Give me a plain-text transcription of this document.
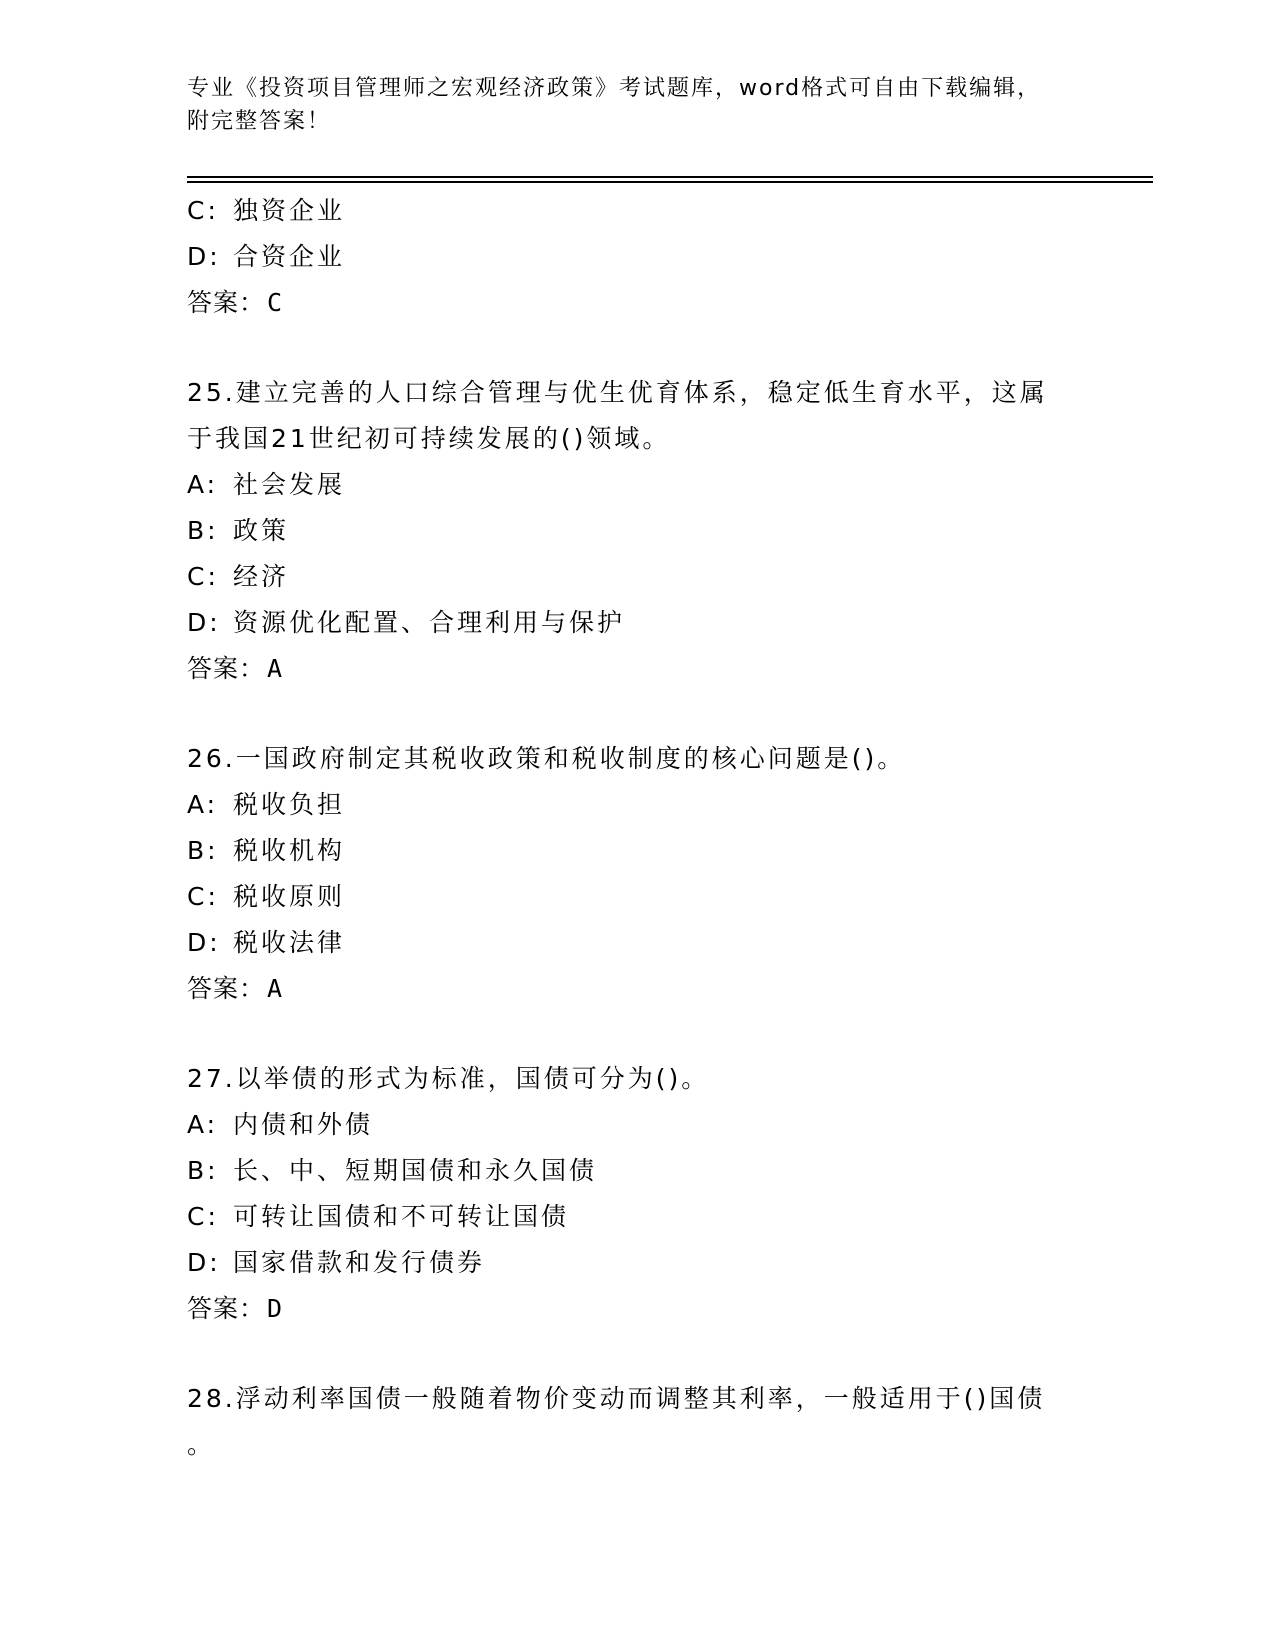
专业《投资项目管理师之宏观经济政策》考试题库，word格式可自由下载编辑，
附完整答案！
C: 独资企业
D: 合资企业
答案：C
25.建立完善的人口综合管理与优生优育体系，稳定低生育水平，这属
于我国21世纪初可持续发展的()领域。
A: 社会发展
B: 政策
C: 经济
D: 资源优化配置、合理利用与保护
答案：A
26.一国政府制定其税收政策和税收制度的核心问题是()。
A: 税收负担
B: 税收机构
C: 税收原则
D: 税收法律
答案：A
27.以举债的形式为标准，国债可分为()。
A: 内债和外债
B: 长、中、短期国债和永久国债
C: 可转让国债和不可转让国债
D: 国家借款和发行债券
答案：D
28.浮动利率国债一般随着物价变动而调整其利率，一般适用于()国债
。
